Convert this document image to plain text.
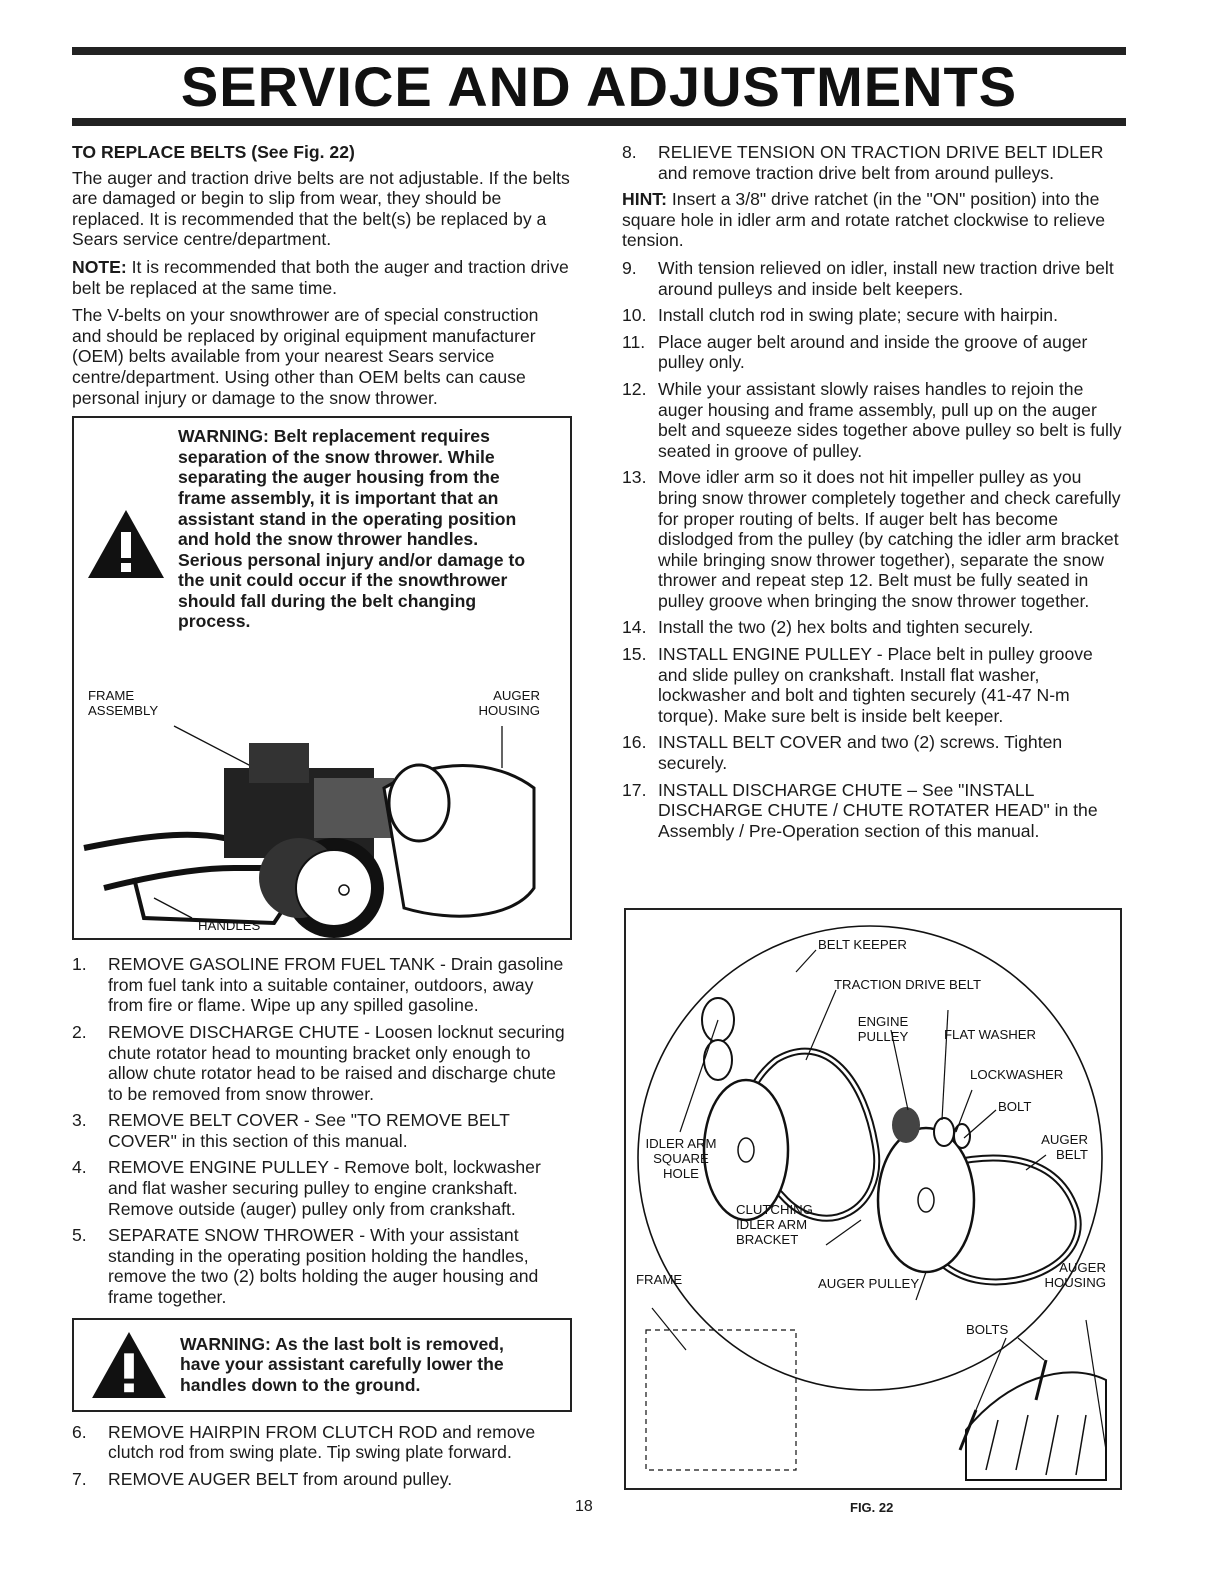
SERVICE AND ADJUSTMENTS
TO REPLACE BELTS (See Fig. 22)

The auger and traction drive belts are not adjustable. If the belts are damaged or begin to slip from wear, they should be replaced. It is recommended that the belt(s) be replaced by a Sears service centre/department.

NOTE: It is recommended that both the auger and traction drive belt be replaced at the same time.

The V-belts on your snowthrower are of special construction and should be replaced by original equipment manufacturer (OEM) belts available from your nearest Sears service centre/department. Using other than OEM belts can cause personal injury or damage to the snow thrower.

WARNING: Belt replacement requires separation of the snow thrower. While separating the auger housing from the frame assembly, it is important that an assistant stand in the operating position and hold the snow thrower handles. Serious personal injury and/or damage to the unit could occur if the snowthrower should fall during the belt changing process.
FRAME
ASSEMBLY
AUGER
HOUSING
HANDLES
1.	REMOVE GASOLINE FROM FUEL TANK - Drain gasoline from fuel tank into a suitable container, outdoors, away from fire or flame. Wipe up any spilled gasoline.
2.	REMOVE DISCHARGE CHUTE - Loosen locknut securing chute rotator head to mounting bracket only enough to allow chute rotator head to be raised and discharge chute to be removed from snow thrower.
3.	REMOVE BELT COVER - See "TO REMOVE BELT COVER" in this section of this manual.
4.	REMOVE ENGINE PULLEY - Remove bolt, lockwasher and flat washer securing pulley to engine crankshaft. Remove outside (auger) pulley only from crankshaft.
5.	SEPARATE SNOW THROWER - With your assistant standing in the operating position holding the handles, remove the two (2) bolts holding the auger housing and frame together.
WARNING: As the last bolt is removed, have your assistant carefully lower the handles down to the ground.
6.	REMOVE HAIRPIN FROM CLUTCH ROD and remove clutch rod from swing plate. Tip swing plate forward.
7.	REMOVE AUGER BELT from around pulley.
8.	RELIEVE TENSION ON TRACTION DRIVE BELT IDLER and remove traction drive belt from around pulleys.

HINT: Insert a 3/8" drive ratchet (in the "ON" position) into the square hole in idler arm and rotate ratchet clockwise to relieve tension.

9.	With tension relieved on idler, install new traction drive belt around pulleys and inside belt keepers.
10. Install clutch rod in swing plate; secure with hairpin.
11. Place auger belt around and inside the groove of auger pulley only.
12. While your assistant slowly raises handles to rejoin the auger housing and frame assembly, pull up on the auger belt and squeeze sides together above pulley so belt is fully seated in groove of pulley.
13. Move idler arm so it does not hit impeller pulley as you bring snow thrower completely together and check carefully for proper routing of belts. If auger belt has become dislodged from the pulley (by catching the idler arm bracket while bringing snow thrower together), separate the snow thrower and repeat step 12. Belt must be fully seated in pulley groove when bringing the snow thrower together.
14. Install the two (2) hex bolts and tighten securely.
15. INSTALL ENGINE PULLEY - Place belt in pulley groove and slide pulley on crankshaft. Install flat washer, lockwasher and bolt and tighten securely (41-47 N-m torque). Make sure belt is inside belt keeper.
16. INSTALL BELT COVER and two (2) screws. Tighten securely.
17. INSTALL DISCHARGE CHUTE – See "INSTALL DISCHARGE CHUTE / CHUTE ROTATER HEAD" in the Assembly / Pre-Operation section of this manual.
BELT KEEPER
TRACTION DRIVE BELT
ENGINE
PULLEY	FLAT WASHER
LOCKWASHER
BOLT
IDLER ARM
SQUARE
HOLE
AUGER
BELT
CLUTCHING
IDLER ARM
BRACKET
FRAME	AUGER PULLEY
AUGER
HOUSING
BOLTS
18	FIG. 22
